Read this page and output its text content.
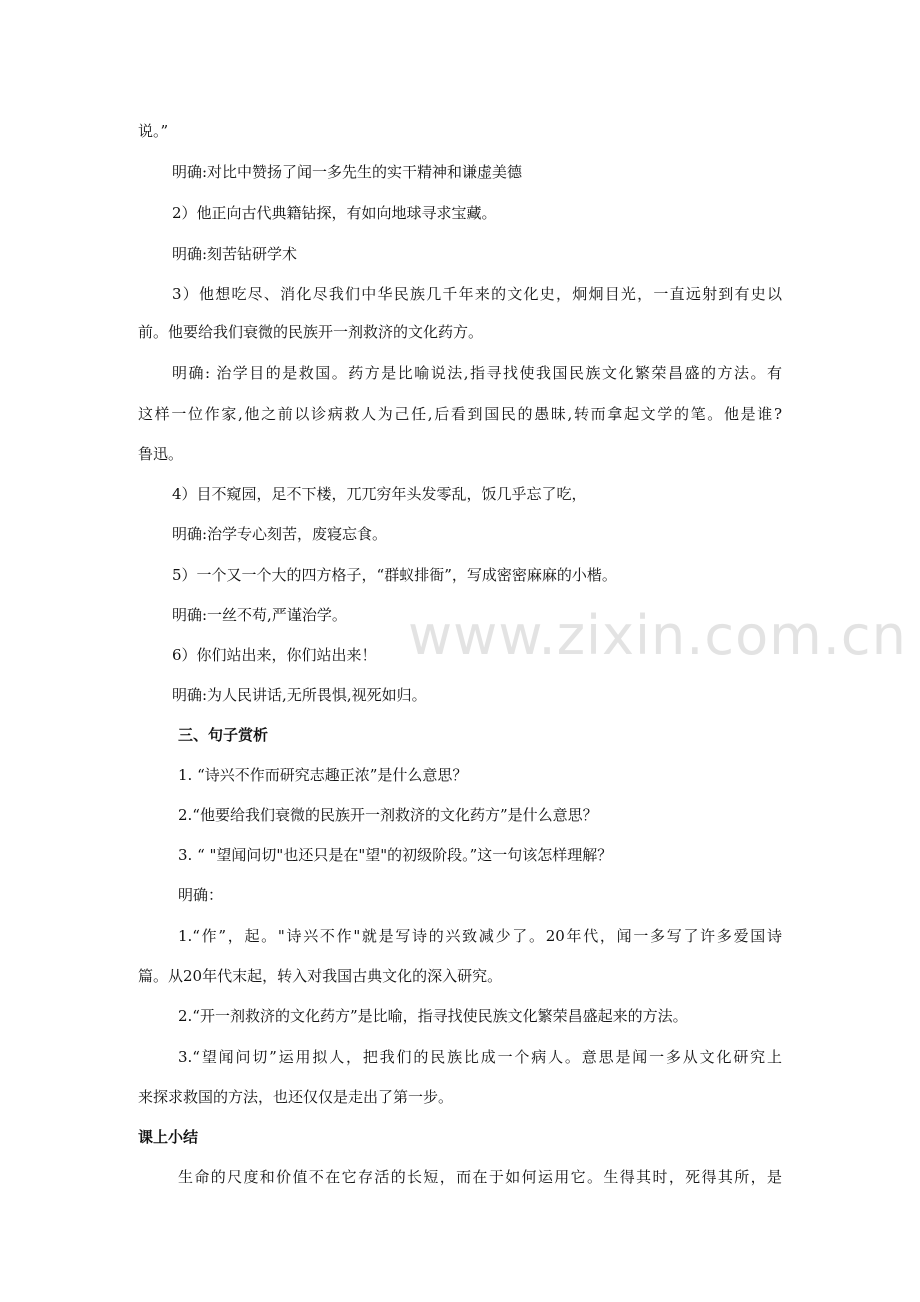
www.zixin.com.cn
说。”
明确:对比中赞扬了闻一多先生的实干精神和谦虚美德
2）他正向古代典籍钻探，有如向地球寻求宝藏。
明确:刻苦钻研学术
3）他想吃尽、消化尽我们中华民族几千年来的文化史，炯炯目光，一直远射到有史以
前。他要给我们衰微的民族开一剂救济的文化药方。
明确: 治学目的是救国。药方是比喻说法,指寻找使我国民族文化繁荣昌盛的方法。有
这样一位作家,他之前以诊病救人为己任,后看到国民的愚昧,转而拿起文学的笔。他是谁?
鲁迅。
4）目不窥园，足不下楼，兀兀穷年头发零乱，饭几乎忘了吃，
明确:治学专心刻苦，废寝忘食。
5）一个又一个大的四方格子，“群蚁排衙”，写成密密麻麻的小楷。
明确:一丝不苟,严谨治学。
6）你们站出来，你们站出来！
明确:为人民讲话,无所畏惧,视死如归。
三、句子赏析
1. “诗兴不作而研究志趣正浓”是什么意思？
2.“他要给我们衰微的民族开一剂救济的文化药方”是什么意思？
3. “ "望闻问切"也还只是在"望"的初级阶段。”这一句该怎样理解？
明确：
1.“作”，起。"诗兴不作"就是写诗的兴致减少了。20年代，闻一多写了许多爱国诗
篇。从20年代末起，转入对我国古典文化的深入研究。
2.“开一剂救济的文化药方”是比喻，指寻找使民族文化繁荣昌盛起来的方法。
3.“望闻问切”运用拟人，把我们的民族比成一个病人。意思是闻一多从文化研究上
来探求救国的方法，也还仅仅是走出了第一步。
课上小结
生命的尺度和价值不在它存活的长短，而在于如何运用它。生得其时，死得其所，是
